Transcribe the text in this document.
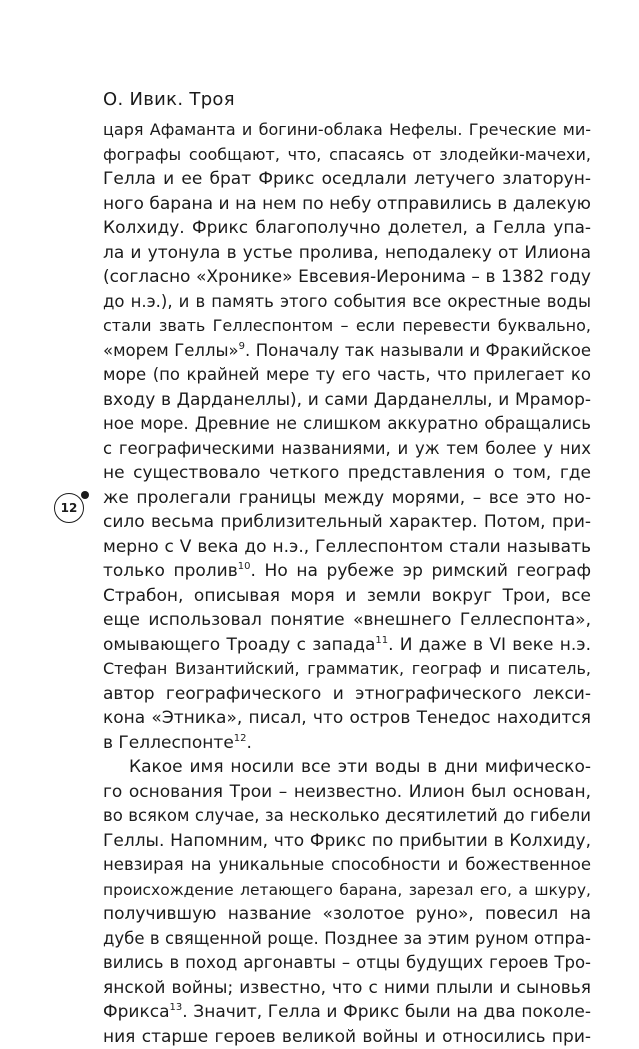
О. Ивик. Троя
12
царя Афаманта и богини-облака Нефелы. Греческие ми-
фографы сообщают, что, спасаясь от злодейки-мачехи,
Гелла и ее брат Фрикс оседлали летучего златорун-
ного барана и на нем по небу отправились в далекую
Колхиду. Фрикс благополучно долетел, а Гелла упа-
ла и утонула в устье пролива, неподалеку от Илиона
(согласно «Хронике» Евсевия-Иеронима – в 1382 году
до н.э.), и в память этого события все окрестные воды
стали звать Геллеспонтом – если перевести буквально,
«морем Геллы»$^9$. Поначалу так называли и Фракийское
море (по крайней мере ту его часть, что прилегает ко
входу в Дарданеллы), и сами Дарданеллы, и Мрамор-
ное море. Древние не слишком аккуратно обращались
с географическими названиями, и уж тем более у них
не существовало четкого представления о том, где
же пролегали границы между морями, – все это но-
сило весьма приблизительный характер. Потом, при-
мерно с V века до н.э., Геллеспонтом стали называть
только пролив$^{10}$. Но на рубеже эр римский географ
Страбон, описывая моря и земли вокруг Трои, все
еще использовал понятие «внешнего Геллеспонта»,
омывающего Троаду с запада$^{11}$. И даже в VI веке н.э.
Стефан Византийский, грамматик, географ и писатель,
автор географического и этнографического лекси-
кона «Этника», писал, что остров Тенедос находится
в Геллеспонте$^{12}$.
Какое имя носили все эти воды в дни мифическо-
го основания Трои – неизвестно. Илион был основан,
во всяком случае, за несколько десятилетий до гибели
Геллы. Напомним, что Фрикс по прибытии в Колхиду,
невзирая на уникальные способности и божественное
происхождение летающего барана, зарезал его, а шкуру,
получившую название «золотое руно», повесил на
дубе в священной роще. Позднее за этим руном отпра-
вились в поход аргонавты – отцы будущих героев Тро-
янской войны; известно, что с ними плыли и сыновья
Фрикса$^{13}$. Значит, Гелла и Фрикс были на два поколе-
ния старше героев великой войны и относились при-
